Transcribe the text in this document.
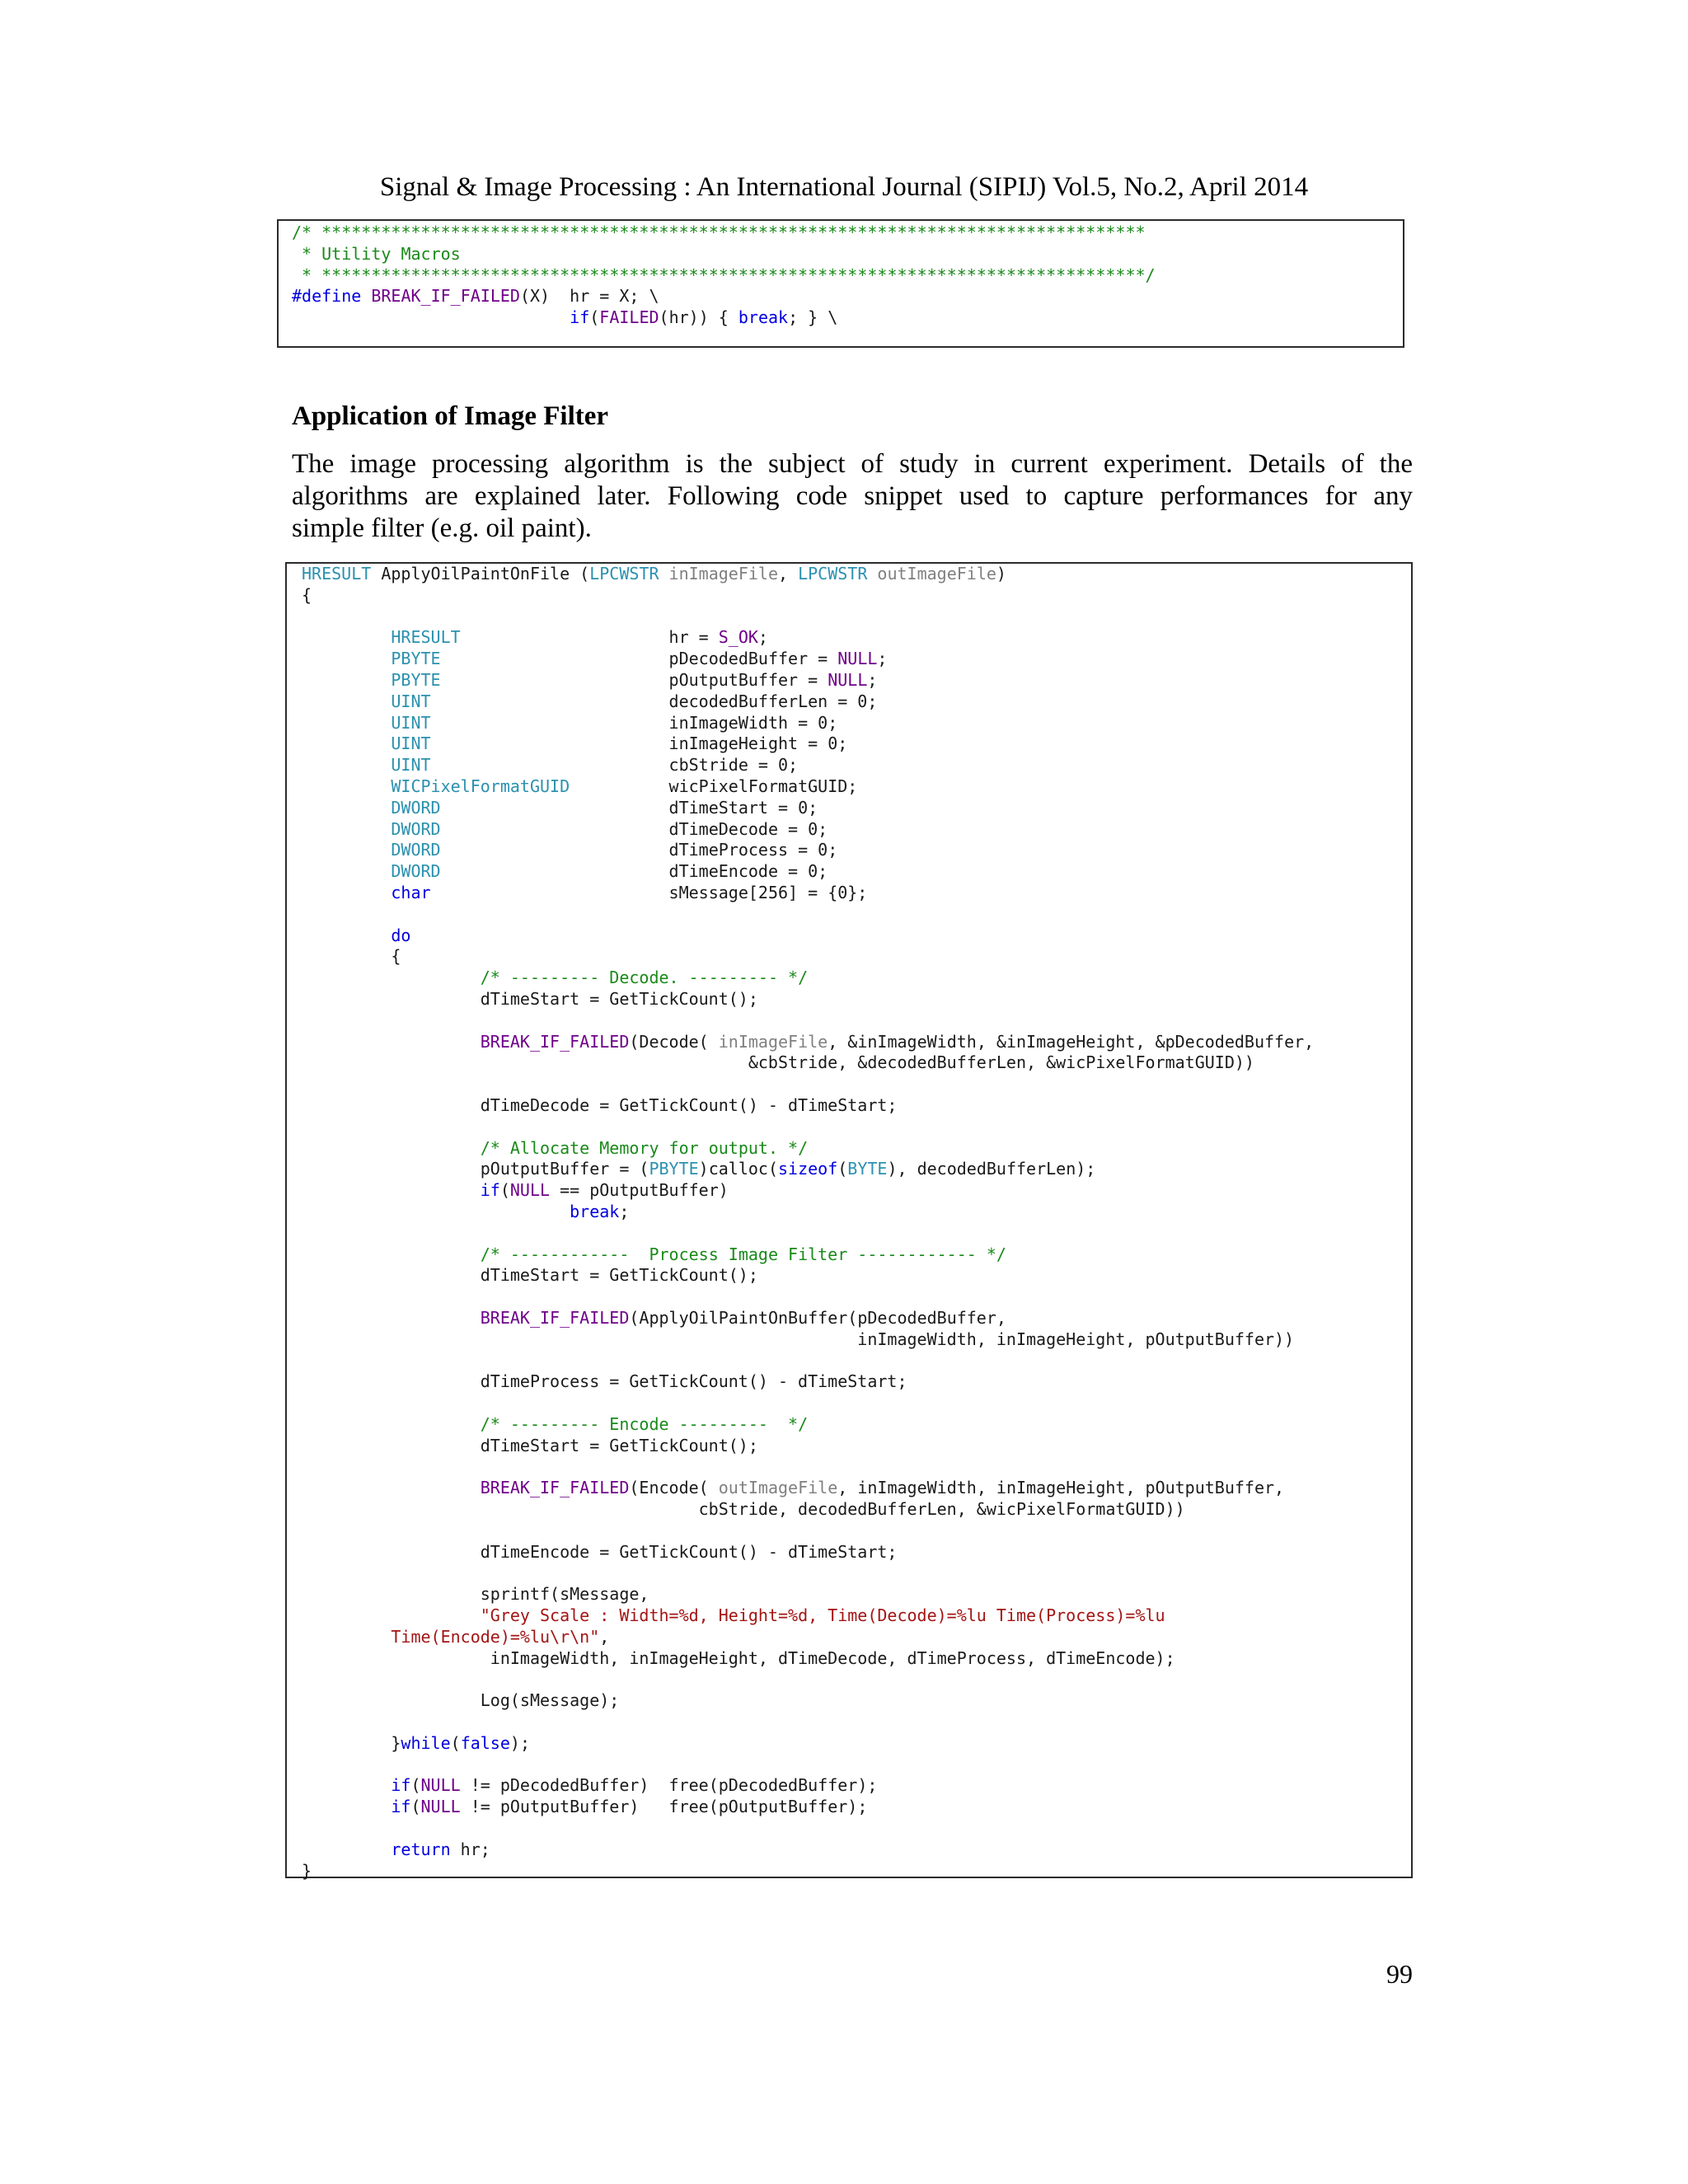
Signal & Image Processing : An International Journal (SIPIJ) Vol.5, No.2, April 2014
/* ***********************************************************************************
* Utility Macros
* ***********************************************************************************/
#define BREAK_IF_FAILED(X)  hr = X; \
if(FAILED(hr)) { break; } \
Application of Image Filter
The image processing algorithm is the subject of study in current experiment. Details of the
algorithms are explained later. Following code snippet used to capture performances for any
simple filter (e.g. oil paint).
HRESULT ApplyOilPaintOnFile (LPCWSTR inImageFile, LPCWSTR outImageFile)
{
HRESULT                     hr = S_OK;
PBYTE                       pDecodedBuffer = NULL;
PBYTE                       pOutputBuffer = NULL;
UINT                        decodedBufferLen = 0;
UINT                        inImageWidth = 0;
UINT                        inImageHeight = 0;
UINT                        cbStride = 0;
WICPixelFormatGUID          wicPixelFormatGUID;
DWORD                       dTimeStart = 0;
DWORD                       dTimeDecode = 0;
DWORD                       dTimeProcess = 0;
DWORD                       dTimeEncode = 0;
char                        sMessage[256] = {0};
do
{
/* --------- Decode. --------- */
dTimeStart = GetTickCount();
BREAK_IF_FAILED(Decode( inImageFile, &inImageWidth, &inImageHeight, &pDecodedBuffer,
&cbStride, &decodedBufferLen, &wicPixelFormatGUID))
dTimeDecode = GetTickCount() - dTimeStart;
/* Allocate Memory for output. */
pOutputBuffer = (PBYTE)calloc(sizeof(BYTE), decodedBufferLen);
if(NULL == pOutputBuffer)
break;
/* ------------  Process Image Filter ------------ */
dTimeStart = GetTickCount();
BREAK_IF_FAILED(ApplyOilPaintOnBuffer(pDecodedBuffer,
inImageWidth, inImageHeight, pOutputBuffer))
dTimeProcess = GetTickCount() - dTimeStart;
/* --------- Encode ---------  */
dTimeStart = GetTickCount();
BREAK_IF_FAILED(Encode( outImageFile, inImageWidth, inImageHeight, pOutputBuffer,
cbStride, decodedBufferLen, &wicPixelFormatGUID))
dTimeEncode = GetTickCount() - dTimeStart;
sprintf(sMessage,
"Grey Scale : Width=%d, Height=%d, Time(Decode)=%lu Time(Process)=%lu
Time(Encode)=%lu\r\n",
inImageWidth, inImageHeight, dTimeDecode, dTimeProcess, dTimeEncode);
Log(sMessage);
}while(false);
if(NULL != pDecodedBuffer)  free(pDecodedBuffer);
if(NULL != pOutputBuffer)   free(pOutputBuffer);
return hr;
}
99
